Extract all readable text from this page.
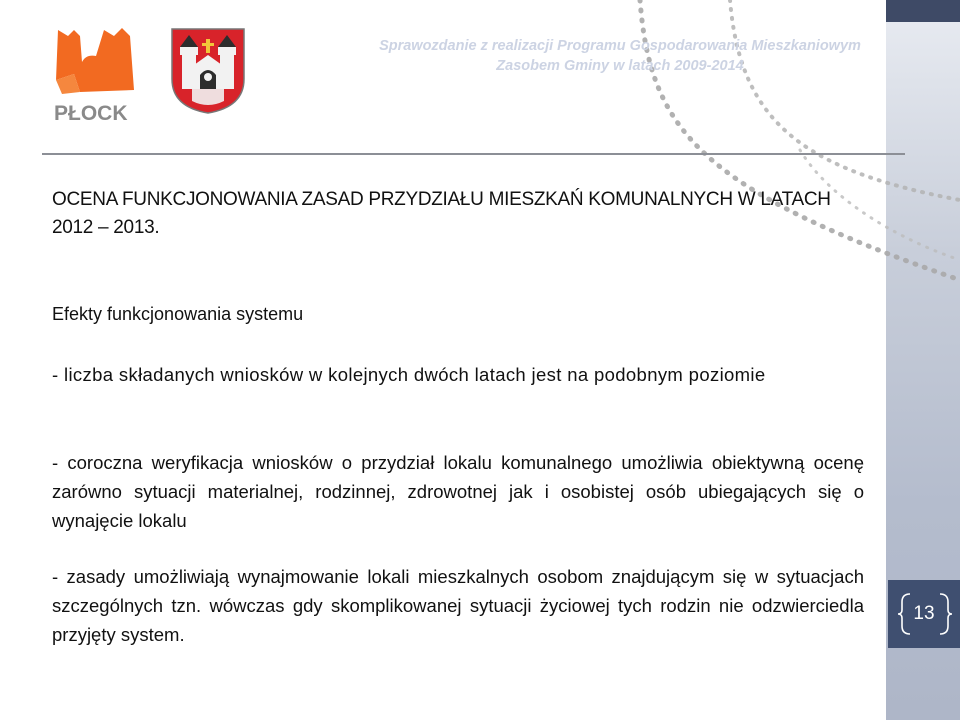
PŁOCK
Sprawozdanie z realizacji Programu Gospodarowania Mieszkaniowym
Zasobem Gminy w latach 2009-2014

OCENA FUNKCJONOWANIA ZASAD PRZYDZIAŁU MIESZKAŃ KOMUNALNYCH W LATACH 2012 – 2013.

Efekty funkcjonowania systemu

- liczba składanych wniosków w kolejnych dwóch latach jest na podobnym poziomie

- coroczna weryfikacja wniosków o przydział lokalu komunalnego umożliwia obiektywną ocenę zarówno sytuacji materialnej, rodzinnej, zdrowotnej jak i osobistej osób ubiegających się o wynajęcie lokalu

- zasady umożliwiają wynajmowanie lokali mieszkalnych osobom znajdującym się w sytuacjach szczególnych tzn. wówczas gdy skomplikowanej sytuacji życiowej tych rodzin nie odzwierciedla przyjęty system.

13
